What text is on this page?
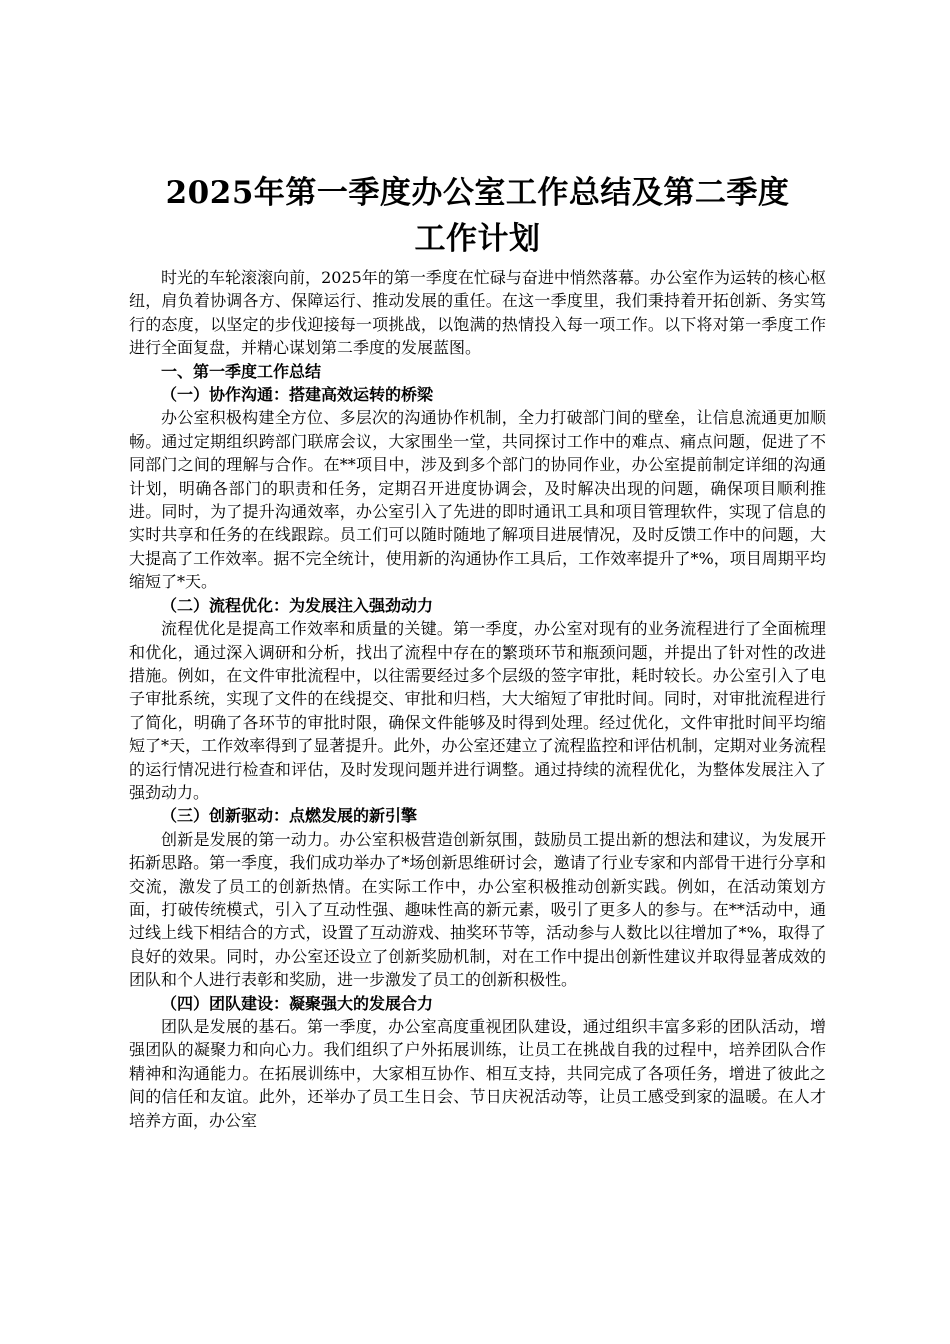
2025年第一季度办公室工作总结及第二季度
工作计划

时光的车轮滚滚向前，2025年的第一季度在忙碌与奋进中悄然落幕。办公室作为运转的核心枢纽，肩负着协调各方、保障运行、推动发展的重任。在这一季度里，我们秉持着开拓创新、务实笃行的态度，以坚定的步伐迎接每一项挑战，以饱满的热情投入每一项工作。以下将对第一季度工作进行全面复盘，并精心谋划第二季度的发展蓝图。

一、第一季度工作总结

（一）协作沟通：搭建高效运转的桥梁

办公室积极构建全方位、多层次的沟通协作机制，全力打破部门间的壁垒，让信息流通更加顺畅。通过定期组织跨部门联席会议，大家围坐一堂，共同探讨工作中的难点、痛点问题，促进了不同部门之间的理解与合作。在**项目中，涉及到多个部门的协同作业，办公室提前制定详细的沟通计划，明确各部门的职责和任务，定期召开进度协调会，及时解决出现的问题，确保项目顺利推进。同时，为了提升沟通效率，办公室引入了先进的即时通讯工具和项目管理软件，实现了信息的实时共享和任务的在线跟踪。员工们可以随时随地了解项目进展情况，及时反馈工作中的问题，大大提高了工作效率。据不完全统计，使用新的沟通协作工具后，工作效率提升了*%，项目周期平均缩短了*天。

（二）流程优化：为发展注入强劲动力

流程优化是提高工作效率和质量的关键。第一季度，办公室对现有的业务流程进行了全面梳理和优化，通过深入调研和分析，找出了流程中存在的繁琐环节和瓶颈问题，并提出了针对性的改进措施。例如，在文件审批流程中，以往需要经过多个层级的签字审批，耗时较长。办公室引入了电子审批系统，实现了文件的在线提交、审批和归档，大大缩短了审批时间。同时，对审批流程进行了简化，明确了各环节的审批时限，确保文件能够及时得到处理。经过优化，文件审批时间平均缩短了*天，工作效率得到了显著提升。此外，办公室还建立了流程监控和评估机制，定期对业务流程的运行情况进行检查和评估，及时发现问题并进行调整。通过持续的流程优化，为整体发展注入了强劲动力。

（三）创新驱动：点燃发展的新引擎

创新是发展的第一动力。办公室积极营造创新氛围，鼓励员工提出新的想法和建议，为发展开拓新思路。第一季度，我们成功举办了*场创新思维研讨会，邀请了行业专家和内部骨干进行分享和交流，激发了员工的创新热情。在实际工作中，办公室积极推动创新实践。例如，在活动策划方面，打破传统模式，引入了互动性强、趣味性高的新元素，吸引了更多人的参与。在**活动中，通过线上线下相结合的方式，设置了互动游戏、抽奖环节等，活动参与人数比以往增加了*%，取得了良好的效果。同时，办公室还设立了创新奖励机制，对在工作中提出创新性建议并取得显著成效的团队和个人进行表彰和奖励，进一步激发了员工的创新积极性。

（四）团队建设：凝聚强大的发展合力

团队是发展的基石。第一季度，办公室高度重视团队建设，通过组织丰富多彩的团队活动，增强团队的凝聚力和向心力。我们组织了户外拓展训练，让员工在挑战自我的过程中，培养团队合作精神和沟通能力。在拓展训练中，大家相互协作、相互支持，共同完成了各项任务，增进了彼此之间的信任和友谊。此外，还举办了员工生日会、节日庆祝活动等，让员工感受到家的温暖。在人才培养方面，办公室
